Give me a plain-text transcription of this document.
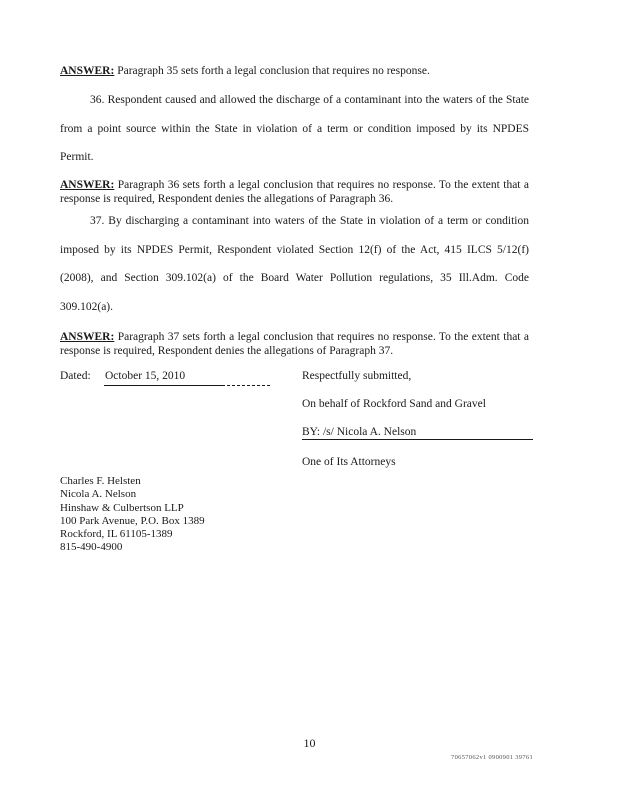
ANSWER: Paragraph 35 sets forth a legal conclusion that requires no response.

36. Respondent caused and allowed the discharge of a contaminant into the waters of the State from a point source within the State in violation of a term or condition imposed by its NPDES Permit.

ANSWER: Paragraph 36 sets forth a legal conclusion that requires no response. To the extent that a response is required, Respondent denies the allegations of Paragraph 36.

37. By discharging a contaminant into waters of the State in violation of a term or condition imposed by its NPDES Permit, Respondent violated Section 12(f) of the Act, 415 ILCS 5/12(f) (2008), and Section 309.102(a) of the Board Water Pollution regulations, 35 Ill.Adm. Code 309.102(a).

ANSWER: Paragraph 37 sets forth a legal conclusion that requires no response. To the extent that a response is required, Respondent denies the allegations of Paragraph 37.

Dated: October 15, 2010	Respectfully submitted,
On behalf of Rockford Sand and Gravel
BY: /s/ Nicola A. Nelson
One of Its Attorneys
Charles F. Helsten
Nicola A. Nelson
Hinshaw & Culbertson LLP
100 Park Avenue, P.O. Box 1389
Rockford, IL 61105-1389
815-490-4900
10
70657062v1 0900901 39761
